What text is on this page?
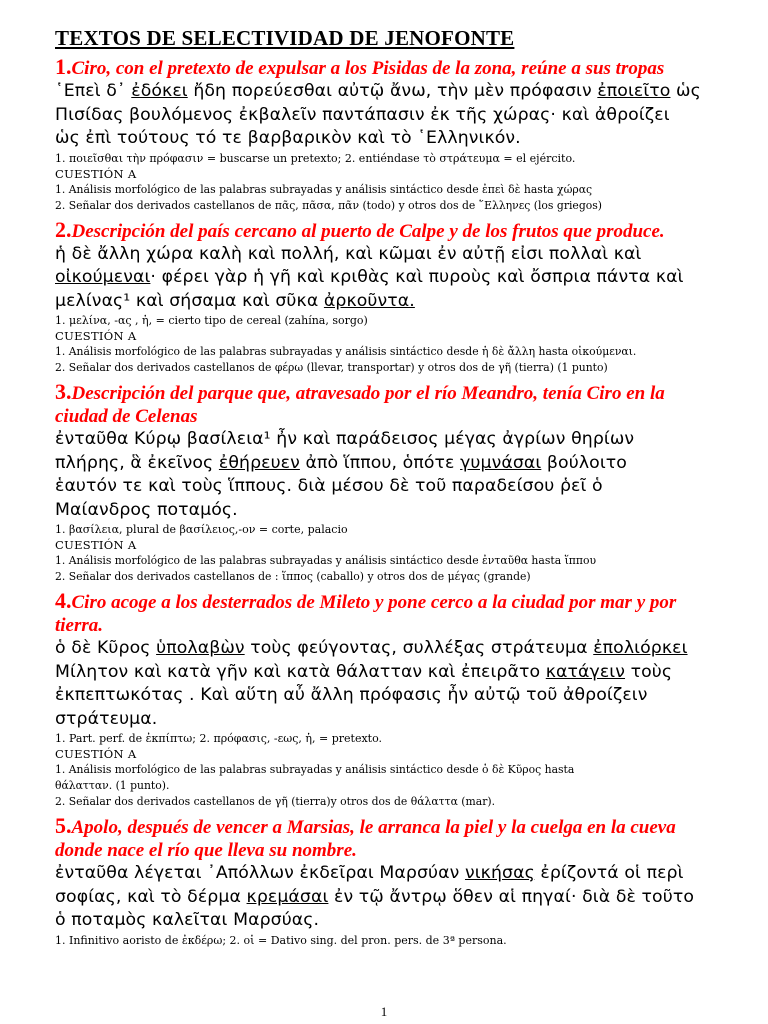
TEXTOS DE SELECTIVIDAD DE JENOFONTE

1.Ciro, con el pretexto de expulsar a los Pisidas de la zona, reúne a sus tropas

῾Επεὶ δ᾽ ἐδόκει ἤδη πορεύεσθαι αὐτῷ ἄνω, τὴν μὲν πρόφασιν ἐποιεῖτο ὡς

Πισίδας βουλόμενος ἐκβαλεῖν παντάπασιν ἐκ τῆς χώρας· καὶ ἀθροίζει

ὡς ἐπὶ τούτους τό τε βαρβαρικὸν καὶ τὸ ῾Ελληνικόν.

1. ποιεῖσθαι τὴν πρόφασιν = buscarse un pretexto; 2. entiéndase τὸ στράτευμα = el ejército.

CUESTIÓN A

1. Análisis morfológico de las palabras subrayadas y análisis sintáctico desde ἐπεὶ δὲ hasta χώρας

2. Señalar dos derivados castellanos de πᾶς, πᾶσα, πᾶν (todo) y otros dos de ῞Ελληνες (los griegos)

2.Descripción del país cercano al puerto de Calpe y de los frutos que produce.

ἡ δὲ ἄλλη χώρα καλὴ καὶ πολλή, καὶ κῶμαι ἐν αὐτῇ εἰσι πολλαὶ καὶ

οἰκούμεναι· φέρει γὰρ ἡ γῆ καὶ κριθὰς καὶ πυροὺς καὶ ὄσπρια πάντα καὶ

μελίνας¹ καὶ σήσαμα καὶ σῦκα ἀρκοῦντα.

1. μελίνα, -ας , ἡ, = cierto tipo de cereal (zahína, sorgo)

CUESTIÓN A

1. Análisis morfológico de las palabras subrayadas y análisis sintáctico desde ἡ δὲ ἄλλη hasta οἰκούμεναι.

2. Señalar dos derivados castellanos de φέρω (llevar, transportar) y otros dos de γῆ (tierra) (1 punto)

3.Descripción del parque que, atravesado por el río Meandro, tenía Ciro en la ciudad de Celenas

ἐνταῦθα Κύρῳ βασίλεια¹ ἦν καὶ παράδεισος μέγας ἀγρίων θηρίων

πλήρης, ἃ ἐκεῖνος ἐθήρευεν ἀπὸ ἵππου, ὁπότε γυμνάσαι βούλοιτο

ἑαυτόν τε καὶ τοὺς ἵππους. διὰ μέσου δὲ τοῦ παραδείσου ῥεῖ ὁ

Μαίανδρος ποταμός.

1. βασίλεια, plural de βασίλειος,-ον = corte, palacio

CUESTIÓN A

1. Análisis morfológico de las palabras subrayadas y análisis sintáctico desde ἐνταῦθα hasta ἵππου

2. Señalar dos derivados castellanos de : ἵππος (caballo) y otros dos de μέγας (grande)

4.Ciro acoge a los desterrados de Mileto y pone cerco a la ciudad por mar y por tierra.

ὁ δὲ Κῦρος ὑπολαβὼν τοὺς φεύγοντας, συλλέξας στράτευμα ἐπολιόρκει

Μίλητον καὶ κατὰ γῆν καὶ κατὰ θάλατταν καὶ ἐπειρᾶτο κατάγειν τοὺς

ἐκπεπτωκότας . Καὶ αὕτη αὖ ἄλλη πρόφασις ἦν αὐτῷ τοῦ ἀθροίζειν

στράτευμα.

1. Part. perf. de ἐκπίπτω; 2. πρόφασις, -εως, ἡ, = pretexto.

CUESTIÓN A

1. Análisis morfológico de las palabras subrayadas y análisis sintáctico desde ὁ δὲ Κῦρος hasta

θάλατταν. (1 punto).

2. Señalar dos derivados castellanos de γῆ (tierra)y otros dos de θάλαττα (mar).

5.Apolo, después de vencer a Marsias, le arranca la piel y la cuelga en la cueva donde nace el río que lleva su nombre.

ἐνταῦθα λέγεται ᾽Απόλλων ἐκδεῖραι Μαρσύαν νικήσας ἐρίζοντά οἱ περὶ

σοφίας, καὶ τὸ δέρμα κρεμάσαι ἐν τῷ ἄντρῳ ὅθεν αἱ πηγαί· διὰ δὲ τοῦτο

ὁ ποταμὸς καλεῖται Μαρσύας.

1. Infinitivo aoristo de ἐκδέρω; 2. οἱ = Dativo sing. del pron. pers. de 3ª persona.

1
